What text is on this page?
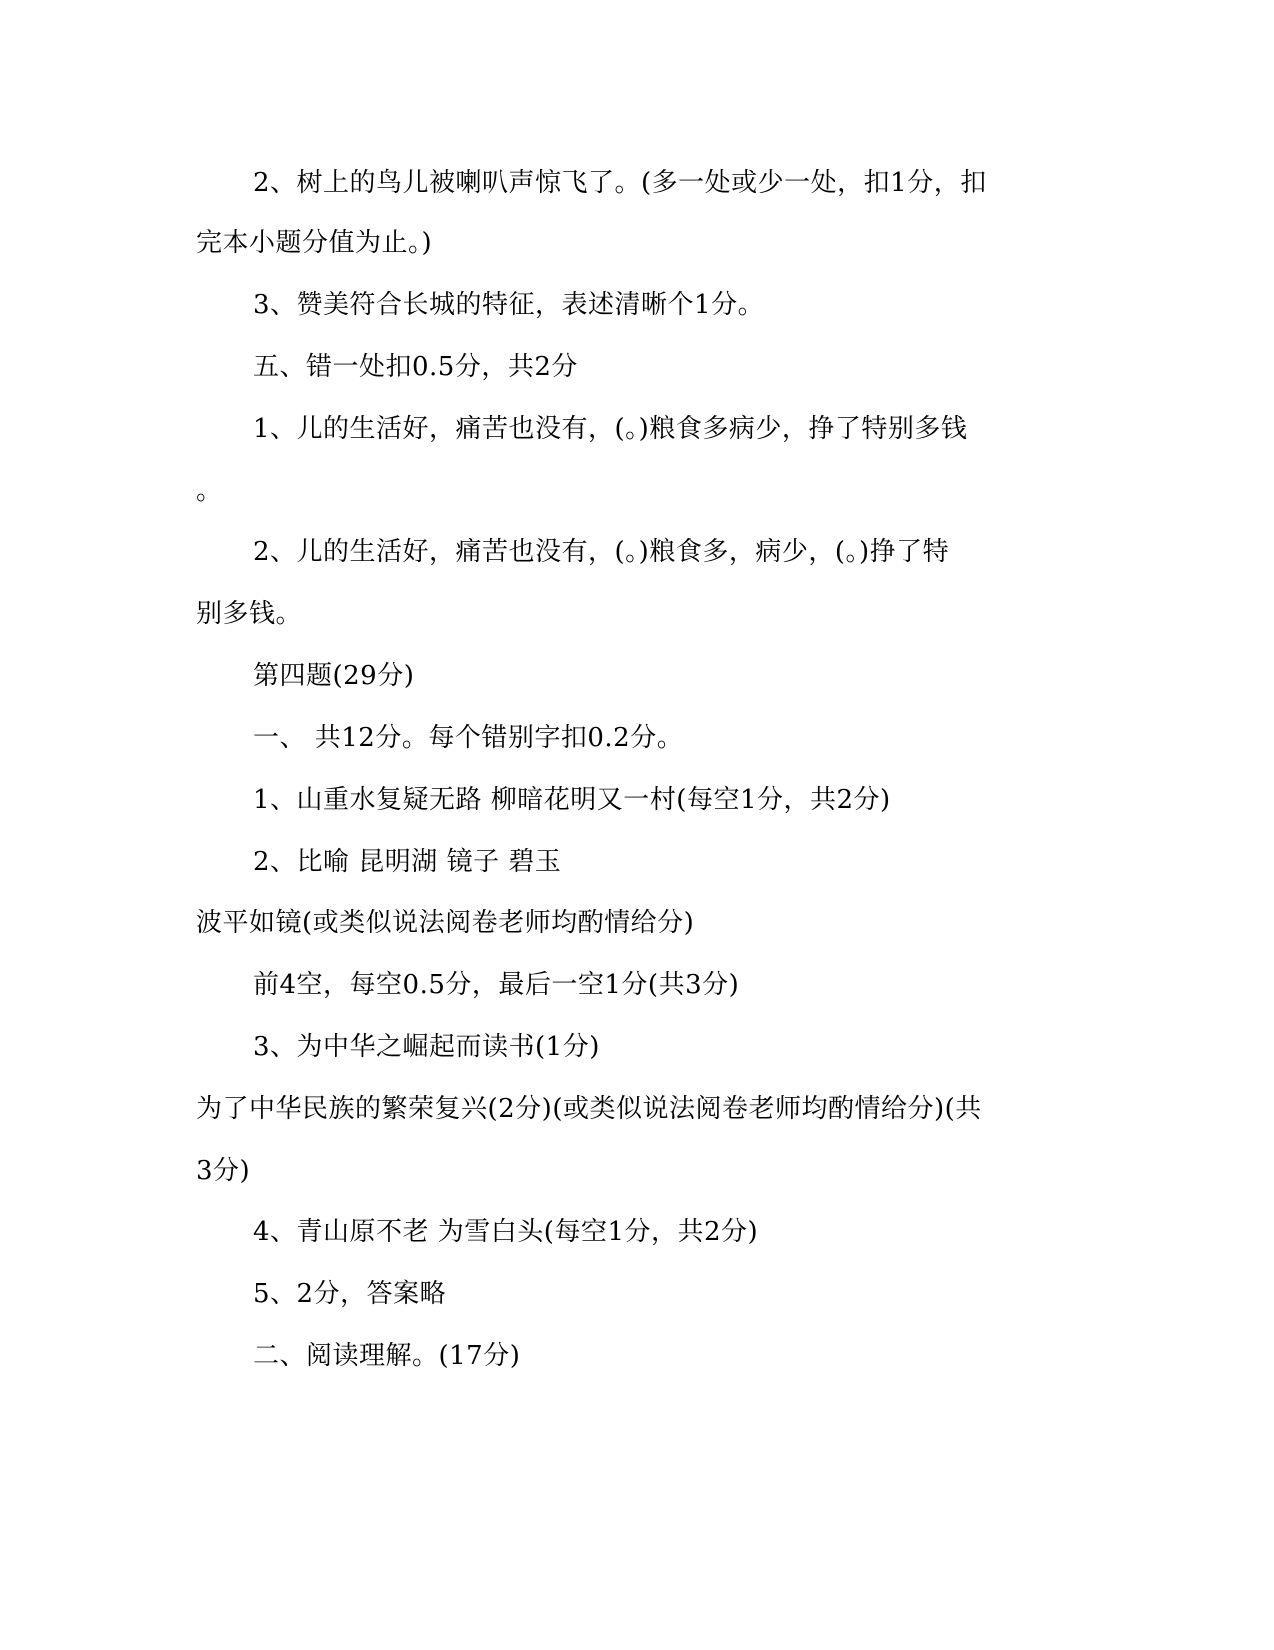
2、树上的鸟儿被喇叭声惊飞了。(多一处或少一处，扣1分，扣
完本小题分值为止。)
3、赞美符合长城的特征，表述清晰个1分。
五、错一处扣0.5分，共2分
1、儿的生活好，痛苦也没有，(。)粮食多病少，挣了特别多钱
。
2、儿的生活好，痛苦也没有，(。)粮食多，病少，(。)挣了特
别多钱。
第四题(29分)
一、 共12分。每个错别字扣0.2分。
1、山重水复疑无路 柳暗花明又一村(每空1分，共2分)
2、比喻 昆明湖 镜子 碧玉
波平如镜(或类似说法阅卷老师均酌情给分)
前4空，每空0.5分，最后一空1分(共3分)
3、为中华之崛起而读书(1分)
为了中华民族的繁荣复兴(2分)(或类似说法阅卷老师均酌情给分)(共
3分)
4、青山原不老 为雪白头(每空1分，共2分)
5、2分，答案略
二、阅读理解。(17分)
